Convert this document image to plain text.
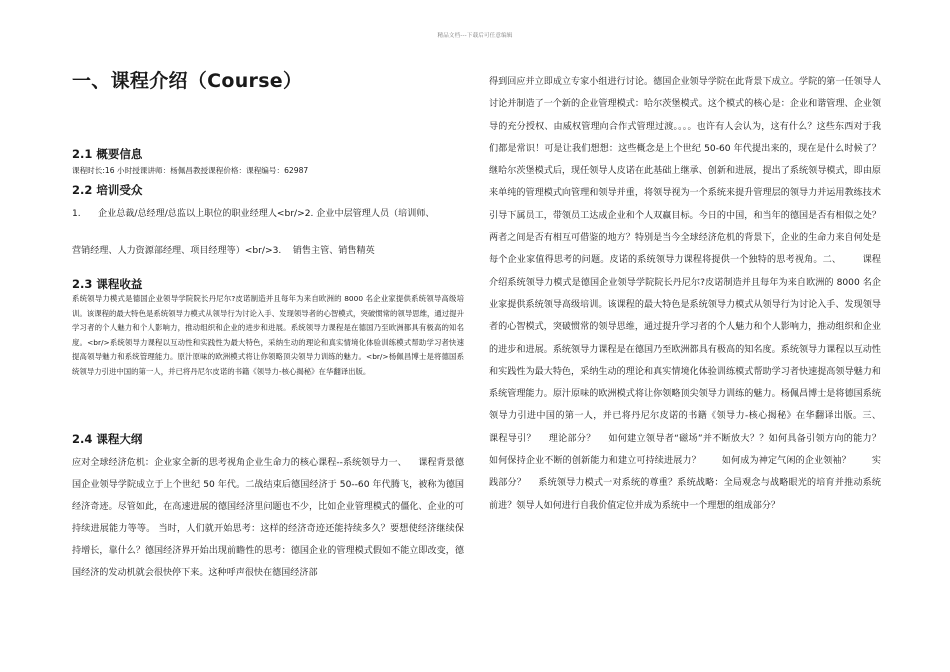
精品文档---下载后可任意编辑
一、课程介绍（Course）
2.1 概要信息
课程时长:16 小时授课讲师：杨佩昌教授课程价格：课程编号：62987
2.2 培训受众
1.      企业总裁/总经理/总监以上职位的职业经理人<br/>2. 企业中层管理人员（培训师、
营销经理、人力资源部经理、项目经理等）<br/>3.    销售主管、销售精英
2.3 课程收益

系统领导力模式是德国企业领导学院院长丹尼尔?皮诺制造并且每年为来自欧洲的 8000 名企业家提供系统领导高级培训。该课程的最大特色是系统领导力模式从领导行为讨论入手、发现领导者的心智模式，突破惯常的领导思维，通过提升学习者的个人魅力和个人影响力，推动组织和企业的进步和进展。系统领导力课程是在德国乃至欧洲都具有极高的知名度。<br/>系统领导力课程以互动性和实践性为最大特色，采纳生动的理论和真实情境化体验训练模式帮助学习者快速提高领导魅力和系统管理能力。原汁原味的欧洲模式将让你领略顶尖领导力训练的魅力。<br/>杨佩昌博士是将德国系统领导力引进中国的第一人，并已将丹尼尔皮诺的书籍《领导力-核心揭秘》在华翻译出版。

2.4 课程大纲

应对全球经济危机：企业家全新的思考视角企业生命力的核心课程--系统领导力一、    课程背景德国企业领导学院成立于上个世纪 50 年代。二战结束后德国经济于 50--60 年代腾飞，被称为德国经济奇迹。尽管如此，在高速进展的德国经济里问题也不少，比如企业管理模式的僵化、企业的可持续进展能力等等。 当时，人们就开始思考：这样的经济奇迹还能持续多久？要想使经济继续保持增长，靠什么？德国经济界开始出现前瞻性的思考：德国企业的管理模式假如不能立即改变，德国经济的发动机就会很快停下来。这种呼声很快在德国经济部

得到回应并立即成立专家小组进行讨论。德国企业领导学院在此背景下成立。学院的第一任领导人讨论并制造了一个新的企业管理模式：哈尔茨堡模式。这个模式的核心是：企业和谐管理、企业领导的充分授权、由威权管理向合作式管理过渡。。。。也许有人会认为，这有什么？这些东西对于我们都是常识！可是让我们想想：这些概念是上个世纪 50-60 年代提出来的，现在是什么时候了？ 继哈尔茨堡模式后，现任领导人皮诺在此基础上继承、创新和进展，提出了系统领导模式，即由原来单纯的管理模式向管理和领导并重，将领导视为一个系统来提升管理层的领导力并运用教练技术引导下属员工，带领员工达成企业和个人双赢目标。今日的中国，和当年的德国是否有相似之处？两者之间是否有相互可借鉴的地方？特别是当今全球经济危机的背景下，企业的生命力来自何处是每个企业家值得思考的问题。皮诺的系统领导力课程将提供一个独特的思考视角。二、       课程介绍系统领导力模式是德国企业领导学院院长丹尼尔?皮诺制造并且每年为来自欧洲的 8000 名企业家提供系统领导高级培训。该课程的最大特色是系统领导力模式从领导行为讨论入手、发现领导者的心智模式，突破惯常的领导思维，通过提升学习者的个人魅力和个人影响力，推动组织和企业的进步和进展。系统领导力课程是在德国乃至欧洲都具有极高的知名度。系统领导力课程以互动性和实践性为最大特色，采纳生动的理论和真实情境化体验训练模式帮助学习者快速提高领导魅力和系统管理能力。原汁原味的欧洲模式将让你领略顶尖领导力训练的魅力。杨佩昌博士是将德国系统领导力引进中国的第一人，并已将丹尼尔皮诺的书籍《领导力-核心揭秘》在华翻译出版。三、    课程导引？    理论部分？    如何建立领导者“磁场”并不断放大？？如何具备引领方向的能力？    如何保持企业不断的创新能力和建立可持续进展力？       如何成为神定气闲的企业领袖？       实践部分？    系统领导力模式一对系统的尊重？系统战略：全局观念与战略眼光的培育并推动系统前进？领导人如何进行自我价值定位并成为系统中一个理想的组成部分？
